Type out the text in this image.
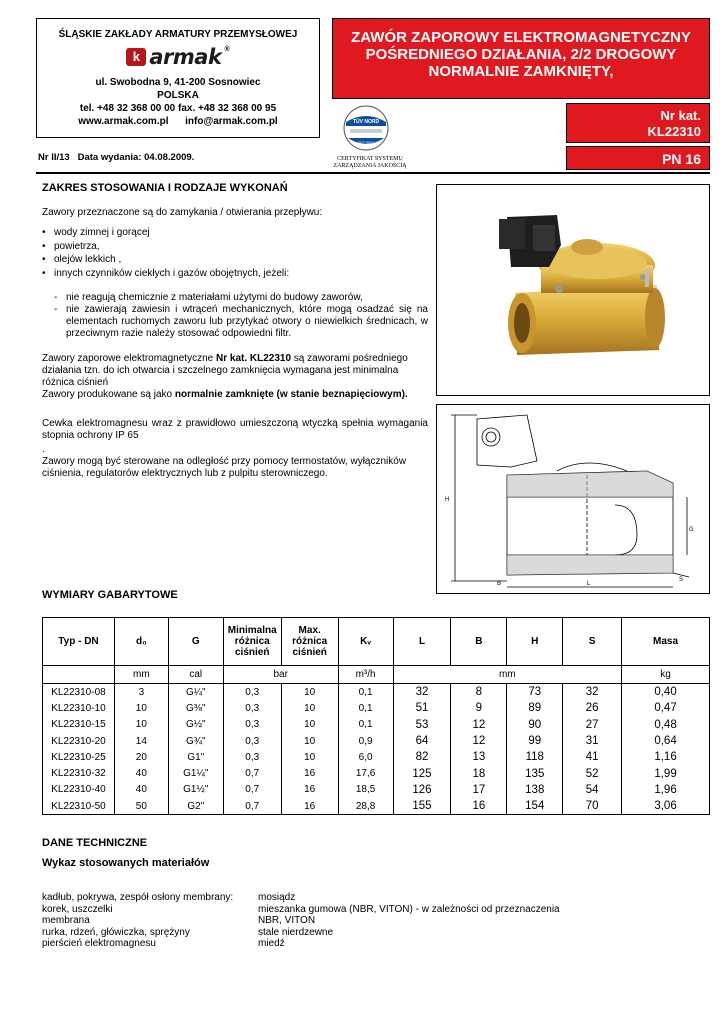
ŚLĄSKIE ZAKŁADY ARMATURY PRZEMYSŁOWEJ
k armak ®
ul. Swobodna 9, 41-200 Sosnowiec
POLSKA
tel. +48 32 368 00 00 fax. +48 32 368 00 95
www.armak.com.pl info@armak.com.pl
ZAWÓR ZAPOROWY ELEKTROMAGNETYCZNY
POŚREDNIEGO DZIAŁANIA, 2/2 DROGOWY
NORMALNIE ZAMKNIĘTY,
Nr kat.
KL22310
PN 16
TÜV NORD
ISO 9001
CERTYFIKAT SYSTEMU
ZARZĄDZANIA JAKOŚCIĄ
Nr II/13 Data wydania: 04.08.2009.
ZAKRES STOSOWANIA I RODZAJE WYKONAŃ
Zawory przeznaczone są do zamykania / otwierania przepływu:
• wody zimnej i gorącej
• powietrza,
• olejów lekkich ,
• innych czynników ciekłych i gazów obojętnych, jeżeli:
- nie reagują chemicznie z materiałami użytymi do budowy zaworów,
- nie zawierają zawiesin i wtrąceń mechanicznych, które mogą osadzać się na elementach ruchomych zaworu lub przytykać otwory o niewielkich średnicach, w przeciwnym razie należy stosować odpowiedni filtr.
Zawory zaporowe elektromagnetyczne Nr kat. KL22310 są zaworami pośredniego działania tzn. do ich otwarcia i szczelnego zamknięcia wymagana jest minimalna różnica ciśnień
Zawory produkowane są jako normalnie zamknięte (w stanie beznapięciowym).
Cewka elektromagnesu wraz z prawidłowo umieszczoną wtyczką spełnia wymagania stopnia ochrony IP 65
.
Zawory mogą być sterowane na odległość przy pomocy termostatów, wyłączników ciśnienia, regulatorów elektrycznych lub z pulpitu sterowniczego.
H
L
B
S
G
WYMIARY GABARYTOWE
Typ - DN	d₀	G	Minimalna różnica ciśnień	Max. różnica ciśnień	Kᵥ	L	B	H	S	Masa
	mm	cal	bar		m³/h	mm				kg
KL22310-08	3	G¼"	0,3	10	0,1	32	8	73	32	0,40
KL22310-10	10	G⅜"	0,3	10	0,1	51	9	89	26	0,47
KL22310-15	10	G½"	0,3	10	0,1	53	12	90	27	0,48
KL22310-20	14	G¾"	0,3	10	0,9	64	12	99	31	0,64
KL22310-25	20	G1"	0,3	10	6,0	82	13	118	41	1,16
KL22310-32	40	G1¼"	0,7	16	17,6	125	18	135	52	1,99
KL22310-40	40	G1½"	0,7	16	18,5	126	17	138	54	1,96
KL22310-50	50	G2"	0,7	16	28,8	155	16	154	70	3,06
DANE TECHNICZNE
Wykaz stosowanych materiałów
kadłub, pokrywa, zespół osłony membrany:	mosiądz
korek, uszczelki	mieszanka gumowa (NBR, VITON) - w zależności od przeznaczenia
membrana	NBR, VITON
rurka, rdzeń, główiczka, sprężyny	stale nierdzewne
pierścień elektromagnesu	miedź
